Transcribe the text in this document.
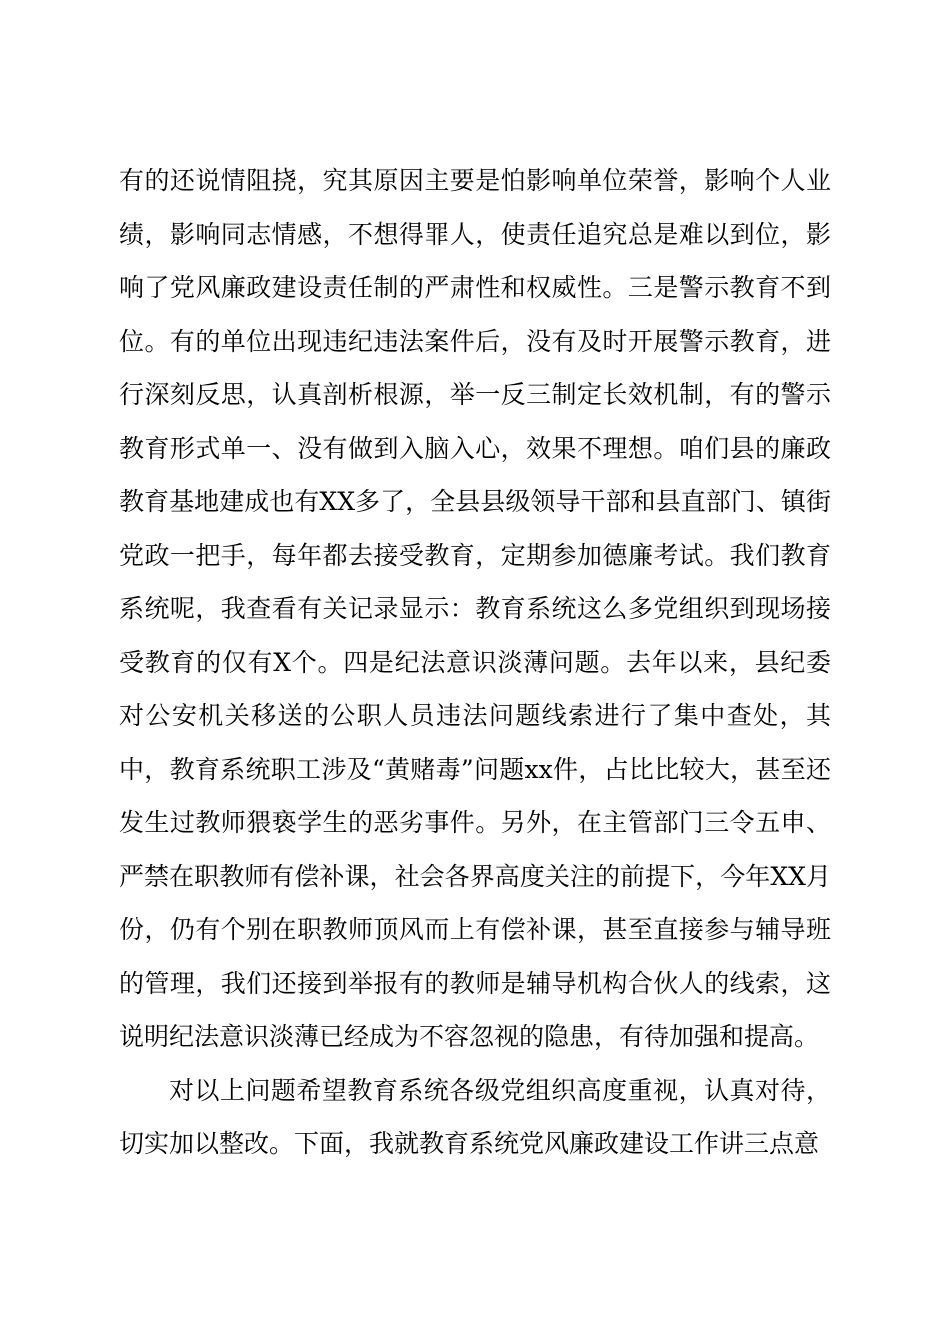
有的还说情阻挠，究其原因主要是怕影响单位荣誉，影响个人业绩，影响同志情感，不想得罪人，使责任追究总是难以到位，影响了党风廉政建设责任制的严肃性和权威性。三是警示教育不到位。有的单位出现违纪违法案件后，没有及时开展警示教育，进行深刻反思，认真剖析根源，举一反三制定长效机制，有的警示教育形式单一、没有做到入脑入心，效果不理想。咱们县的廉政教育基地建成也有XX多了，全县县级领导干部和县直部门、镇街党政一把手，每年都去接受教育，定期参加德廉考试。我们教育系统呢，我查看有关记录显示：教育系统这么多党组织到现场接受教育的仅有X个。四是纪法意识淡薄问题。去年以来，县纪委对公安机关移送的公职人员违法问题线索进行了集中查处，其中，教育系统职工涉及“黄赌毒”问题xx件，占比比较大，甚至还发生过教师猥亵学生的恶劣事件。另外，在主管部门三令五申、严禁在职教师有偿补课，社会各界高度关注的前提下，今年XX月份，仍有个别在职教师顶风而上有偿补课，甚至直接参与辅导班的管理，我们还接到举报有的教师是辅导机构合伙人的线索，这说明纪法意识淡薄已经成为不容忽视的隐患，有待加强和提高。

对以上问题希望教育系统各级党组织高度重视，认真对待，切实加以整改。下面，我就教育系统党风廉政建设工作讲三点意
